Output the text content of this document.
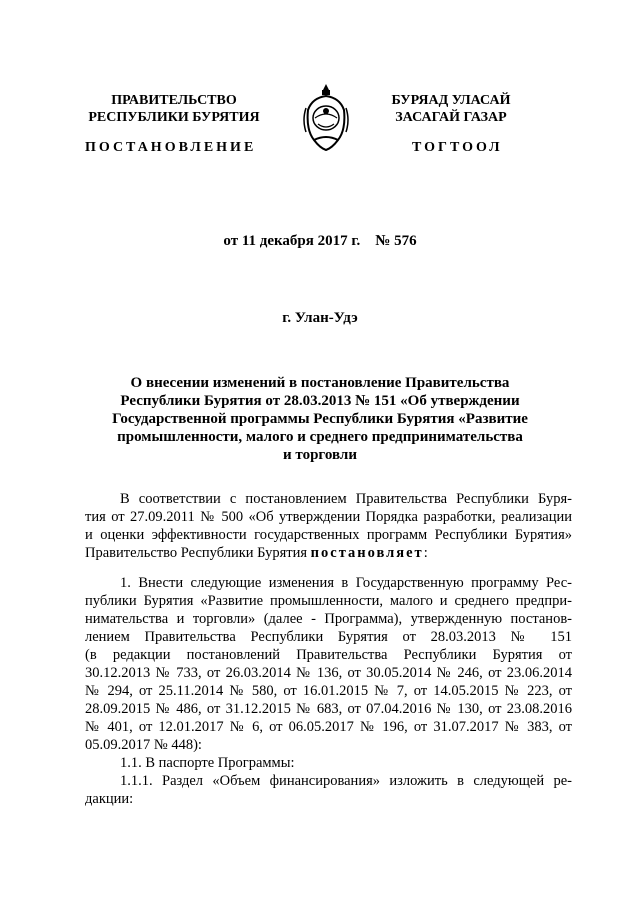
ПРАВИТЕЛЬСТВО
РЕСПУБЛИКИ БУРЯТИЯ
БУРЯАД УЛАСАЙ
ЗАСАГАЙ ГАЗАР
ПОСТАНОВЛЕНИЕ	ТОГТООЛ
от 11 декабря 2017 г.    № 576
г. Улан-Удэ
О внесении изменений в постановление Правительства
Республики Бурятия от 28.03.2013 № 151 «Об утверждении
Государственной программы Республики Бурятия «Развитие
промышленности, малого и среднего предпринимательства
и торговли
В соответствии с постановлением Правительства Республики Буря-
тия от 27.09.2011 № 500 «Об утверждении Порядка разработки, реализации
и оценки эффективности государственных программ Республики Бурятия»
Правительство Республики Бурятия постановляет:
1. Внести следующие изменения в Государственную программу Рес-
публики Бурятия «Развитие промышленности, малого и среднего предпри-
нимательства и торговли» (далее - Программа), утвержденную постанов-
лением Правительства Республики Бурятия от 28.03.2013 № 151
(в редакции постановлений Правительства Республики Бурятия от
30.12.2013 № 733, от 26.03.2014 № 136, от 30.05.2014 № 246, от 23.06.2014
№ 294, от 25.11.2014 № 580, от 16.01.2015 № 7, от 14.05.2015 № 223, от
28.09.2015 № 486, от 31.12.2015 № 683, от 07.04.2016 № 130, от 23.08.2016
№ 401, от 12.01.2017 № 6, от 06.05.2017 № 196, от 31.07.2017 № 383, от
05.09.2017 № 448):
1.1. В паспорте Программы:
1.1.1. Раздел «Объем финансирования» изложить в следующей ре-
дакции:
